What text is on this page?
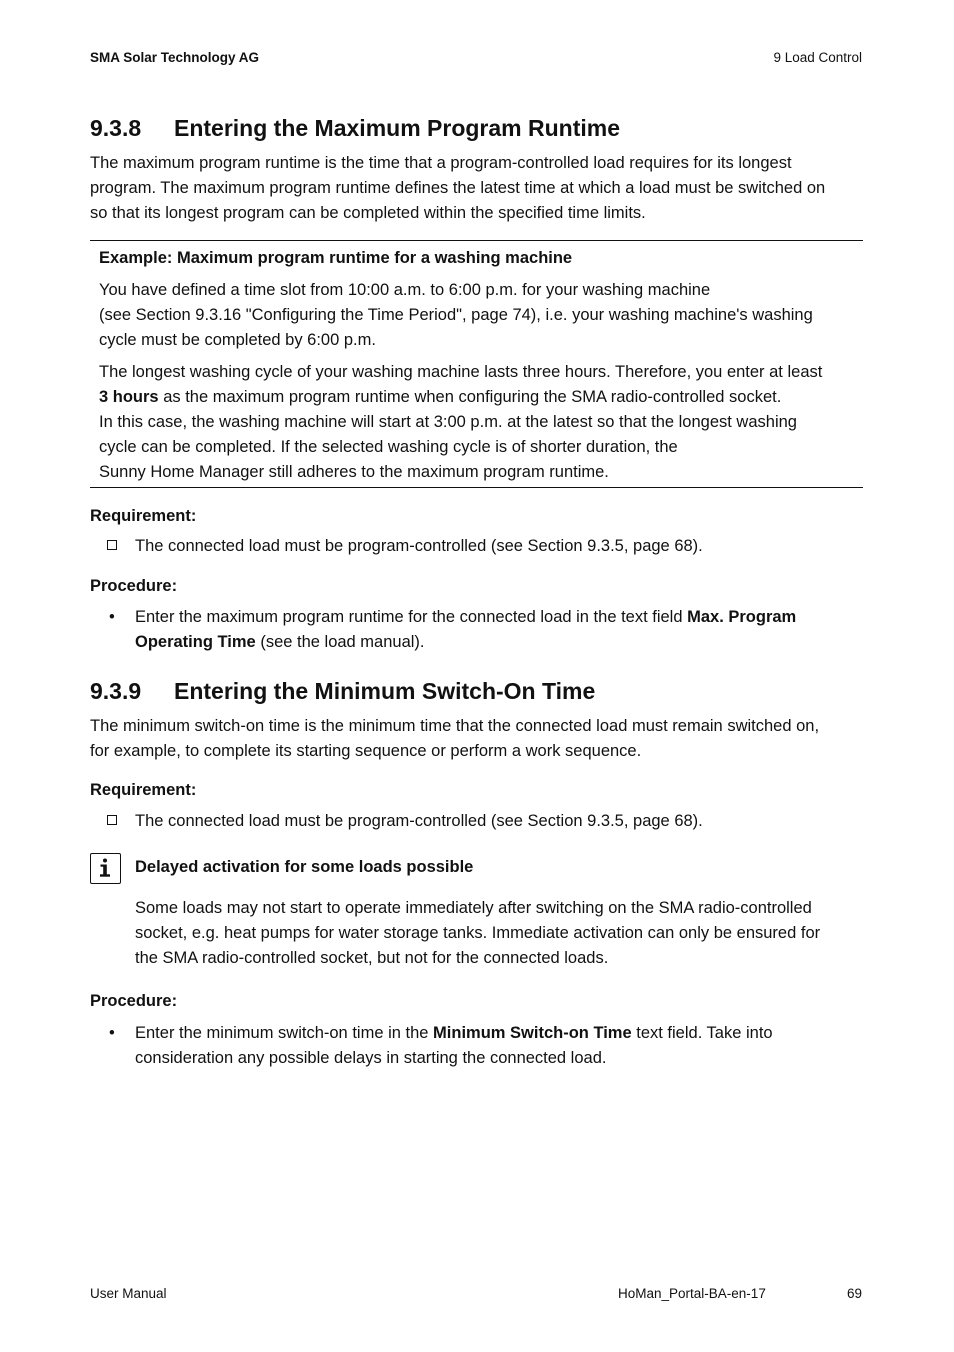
SMA Solar Technology AG	9 Load Control
9.3.8 Entering the Maximum Program Runtime
The maximum program runtime is the time that a program-controlled load requires for its longest
program. The maximum program runtime defines the latest time at which a load must be switched on
so that its longest program can be completed within the specified time limits.
Example: Maximum program runtime for a washing machine
You have defined a time slot from 10:00 a.m. to 6:00 p.m. for your washing machine
(see Section 9.3.16 "Configuring the Time Period", page 74), i.e. your washing machine's washing
cycle must be completed by 6:00 p.m.
The longest washing cycle of your washing machine lasts three hours. Therefore, you enter at least
3 hours as the maximum program runtime when configuring the SMA radio-controlled socket.
In this case, the washing machine will start at 3:00 p.m. at the latest so that the longest washing
cycle can be completed. If the selected washing cycle is of shorter duration, the
Sunny Home Manager still adheres to the maximum program runtime.
Requirement:
The connected load must be program-controlled (see Section 9.3.5, page 68).
Procedure:
• Enter the maximum program runtime for the connected load in the text field Max. Program
Operating Time (see the load manual).
9.3.9 Entering the Minimum Switch-On Time
The minimum switch-on time is the minimum time that the connected load must remain switched on,
for example, to complete its starting sequence or perform a work sequence.
Requirement:
The connected load must be program-controlled (see Section 9.3.5, page 68).
Delayed activation for some loads possible
Some loads may not start to operate immediately after switching on the SMA radio-controlled
socket, e.g. heat pumps for water storage tanks. Immediate activation can only be ensured for
the SMA radio-controlled socket, but not for the connected loads.
Procedure:
• Enter the minimum switch-on time in the Minimum Switch-on Time text field. Take into
consideration any possible delays in starting the connected load.
User Manual	HoMan_Portal-BA-en-17	69
